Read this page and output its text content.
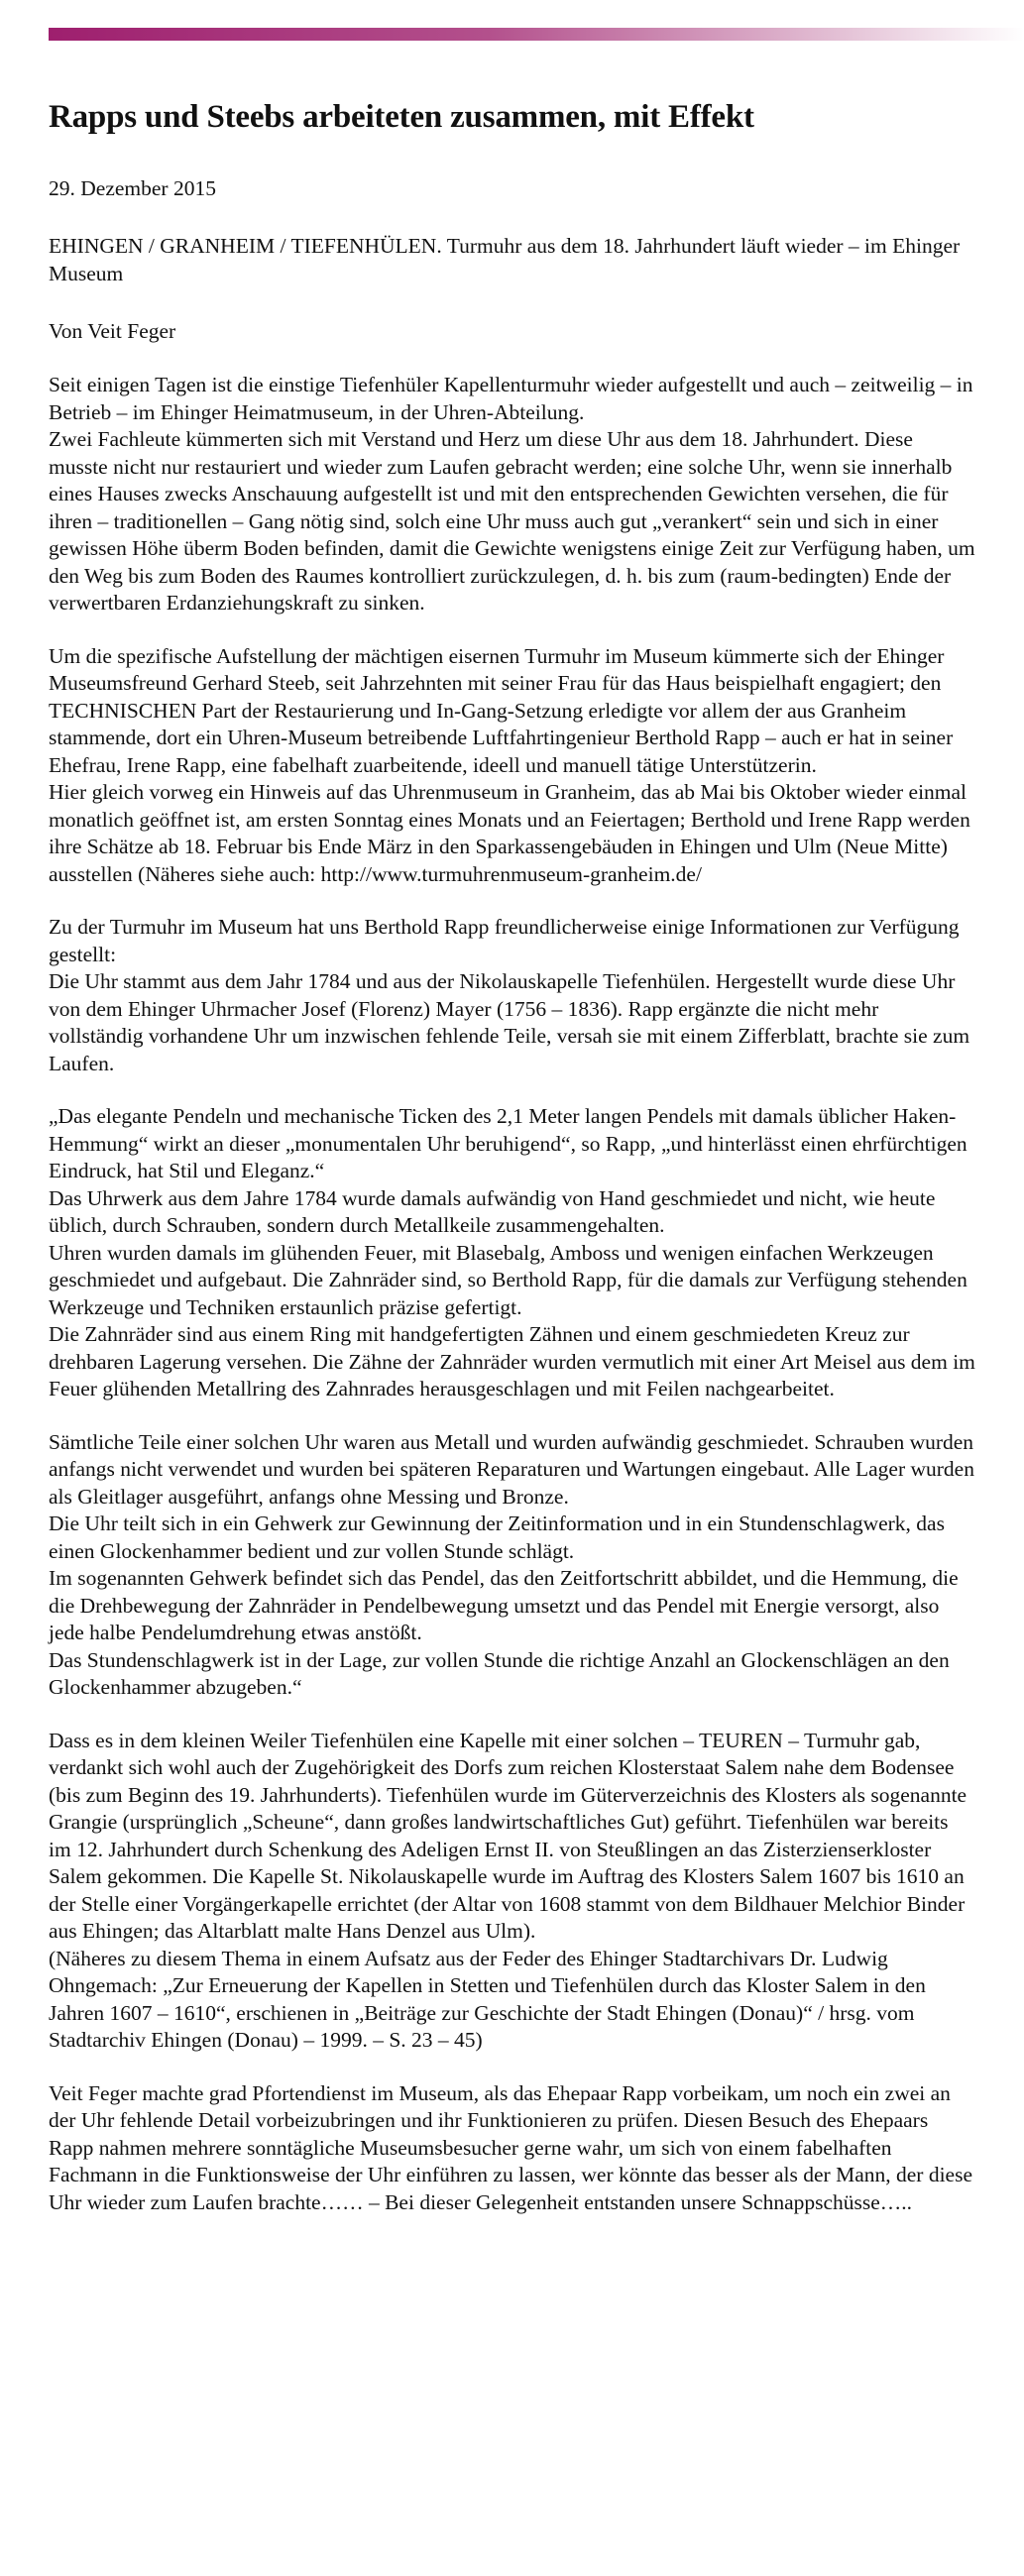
Rapps und Steebs arbeiteten zusammen, mit Effekt

29. Dezember 2015

EHINGEN / GRANHEIM / TIEFENHÜLEN. Turmuhr aus dem 18. Jahrhundert läuft wieder – im Ehinger Museum

Von Veit Feger

Seit einigen Tagen ist die einstige Tiefenhüler Kapellenturmuhr wieder aufgestellt und auch – zeitweilig – in Betrieb – im Ehinger Heimatmuseum, in der Uhren-Abteilung.
Zwei Fachleute kümmerten sich mit Verstand und Herz um diese Uhr aus dem 18. Jahrhundert. Diese musste nicht nur restauriert und wieder zum Laufen gebracht werden; eine solche Uhr, wenn sie innerhalb eines Hauses zwecks Anschauung aufgestellt ist und mit den entsprechenden Gewichten versehen, die für ihren – traditionellen – Gang nötig sind, solch eine Uhr muss auch gut „verankert“ sein und sich in einer gewissen Höhe überm Boden befinden, damit die Gewichte wenigstens einige Zeit zur Verfügung haben, um den Weg bis zum Boden des Raumes kontrolliert zurückzulegen, d. h. bis zum (raum-bedingten) Ende der verwertbaren Erdanziehungskraft zu sinken.

Um die spezifische Aufstellung der mächtigen eisernen Turmuhr im Museum kümmerte sich der Ehinger Museumsfreund Gerhard Steeb, seit Jahrzehnten mit seiner Frau für das Haus beispielhaft engagiert; den TECHNISCHEN Part der Restaurierung und In-Gang-Setzung erledigte vor allem der aus Granheim stammende, dort ein Uhren-Museum betreibende Luftfahrtingenieur Berthold Rapp – auch er hat in seiner Ehefrau, Irene Rapp, eine fabelhaft zuarbeitende, ideell und manuell tätige Unterstützerin.
Hier gleich vorweg ein Hinweis auf das Uhrenmuseum in Granheim, das ab Mai bis Oktober wieder einmal monatlich geöffnet ist, am ersten Sonntag eines Monats und an Feiertagen; Berthold und Irene Rapp werden ihre Schätze ab 18. Februar bis Ende März in den Sparkassengebäuden in Ehingen und Ulm (Neue Mitte) ausstellen (Näheres siehe auch: http://www.turmuhrenmuseum-granheim.de/

Zu der Turmuhr im Museum hat uns Berthold Rapp freundlicherweise einige Informationen zur Verfügung gestellt:
Die Uhr stammt aus dem Jahr 1784 und aus der Nikolauskapelle Tiefenhülen. Hergestellt wurde diese Uhr von dem Ehinger Uhrmacher Josef (Florenz) Mayer (1756 – 1836). Rapp ergänzte die nicht mehr vollständig vorhandene Uhr um inzwischen fehlende Teile, versah sie mit einem Zifferblatt, brachte sie zum Laufen.

„Das elegante Pendeln und mechanische Ticken des 2,1 Meter langen Pendels mit damals üblicher Haken-Hemmung“ wirkt an dieser „monumentalen Uhr beruhigend“, so Rapp, „und hinterlässt einen ehrfürchtigen Eindruck, hat Stil und Eleganz.“
Das Uhrwerk aus dem Jahre 1784 wurde damals aufwändig von Hand geschmiedet und nicht, wie heute üblich, durch Schrauben, sondern durch Metallkeile zusammengehalten.
Uhren wurden damals im glühenden Feuer, mit Blasebalg, Amboss und wenigen einfachen Werkzeugen geschmiedet und aufgebaut. Die Zahnräder sind, so Berthold Rapp, für die damals zur Verfügung stehenden Werkzeuge und Techniken erstaunlich präzise gefertigt.
Die Zahnräder sind aus einem Ring mit handgefertigten Zähnen und einem geschmiedeten Kreuz zur drehbaren Lagerung versehen. Die Zähne der Zahnräder wurden vermutlich mit einer Art Meisel aus dem im Feuer glühenden Metallring des Zahnrades herausgeschlagen und mit Feilen nachgearbeitet.

Sämtliche Teile einer solchen Uhr waren aus Metall und wurden aufwändig geschmiedet. Schrauben wurden anfangs nicht verwendet und wurden bei späteren Reparaturen und Wartungen eingebaut. Alle Lager wurden als Gleitlager ausgeführt, anfangs ohne Messing und Bronze.
Die Uhr teilt sich in ein Gehwerk zur Gewinnung der Zeitinformation und in ein Stundenschlagwerk, das einen Glockenhammer bedient und zur vollen Stunde schlägt.
Im sogenannten Gehwerk befindet sich das Pendel, das den Zeitfortschritt abbildet, und die Hemmung, die die Drehbewegung der Zahnräder in Pendelbewegung umsetzt und das Pendel mit Energie versorgt, also jede halbe Pendelumdrehung etwas anstößt.
Das Stundenschlagwerk ist in der Lage, zur vollen Stunde die richtige Anzahl an Glockenschlägen an den Glockenhammer abzugeben.“

Dass es in dem kleinen Weiler Tiefenhülen eine Kapelle mit einer solchen – TEUREN – Turmuhr gab, verdankt sich wohl auch der Zugehörigkeit des Dorfs zum reichen Klosterstaat Salem nahe dem Bodensee (bis zum Beginn des 19. Jahrhunderts). Tiefenhülen wurde im Güterverzeichnis des Klosters als sogenannte Grangie (ursprünglich „Scheune“, dann großes landwirtschaftliches Gut) geführt. Tiefenhülen war bereits im 12. Jahrhundert durch Schenkung des Adeligen Ernst II. von Steußlingen an das Zisterzienserkloster Salem gekommen. Die Kapelle St. Nikolauskapelle wurde im Auftrag des Klosters Salem 1607 bis 1610 an der Stelle einer Vorgängerkapelle errichtet (der Altar von 1608 stammt von dem Bildhauer Melchior Binder aus Ehingen; das Altarblatt malte Hans Denzel aus Ulm).
(Näheres zu diesem Thema in einem Aufsatz aus der Feder des Ehinger Stadtarchivars Dr. Ludwig Ohngemach: „Zur Erneuerung der Kapellen in Stetten und Tiefenhülen durch das Kloster Salem in den Jahren 1607 – 1610“, erschienen in „Beiträge zur Geschichte der Stadt Ehingen (Donau)“ / hrsg. vom Stadtarchiv Ehingen (Donau) – 1999. – S. 23 – 45)

Veit Feger machte grad Pfortendienst im Museum, als das Ehepaar Rapp vorbeikam, um noch ein zwei an der Uhr fehlende Detail vorbeizubringen und ihr Funktionieren zu prüfen. Diesen Besuch des Ehepaars Rapp nahmen mehrere sonntägliche Museumsbesucher gerne wahr, um sich von einem fabelhaften Fachmann in die Funktionsweise der Uhr einführen zu lassen, wer könnte das besser als der Mann, der diese Uhr wieder zum Laufen brachte…… – Bei dieser Gelegenheit entstanden unsere Schnappschüsse…..
